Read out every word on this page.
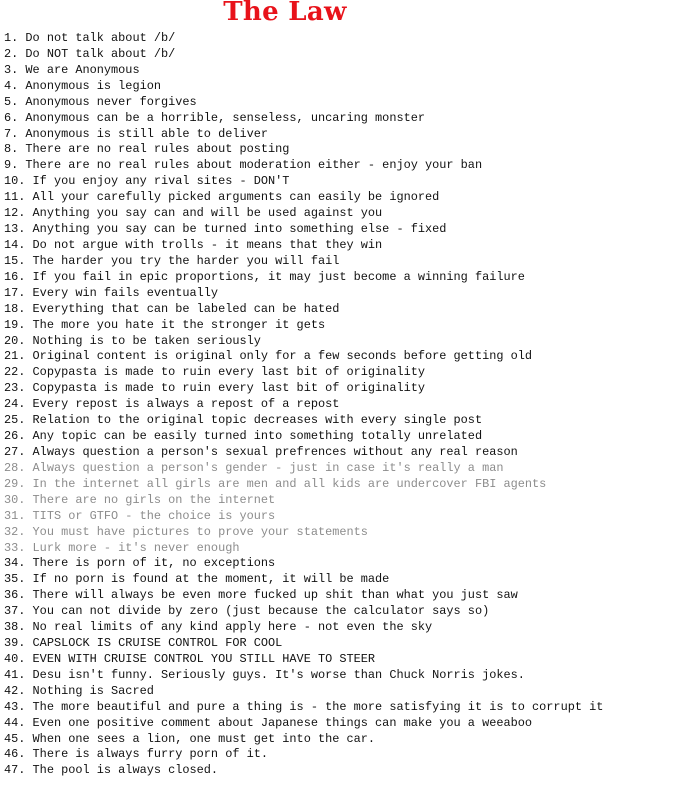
The Law
1. Do not talk about /b/
2. Do NOT talk about /b/
3. We are Anonymous
4. Anonymous is legion
5. Anonymous never forgives
6. Anonymous can be a horrible, senseless, uncaring monster
7. Anonymous is still able to deliver
8. There are no real rules about posting
9. There are no real rules about moderation either - enjoy your ban
10. If you enjoy any rival sites - DON'T
11. All your carefully picked arguments can easily be ignored
12. Anything you say can and will be used against you
13. Anything you say can be turned into something else - fixed
14. Do not argue with trolls - it means that they win
15. The harder you try the harder you will fail
16. If you fail in epic proportions, it may just become a winning failure
17. Every win fails eventually
18. Everything that can be labeled can be hated
19. The more you hate it the stronger it gets
20. Nothing is to be taken seriously
21. Original content is original only for a few seconds before getting old
22. Copypasta is made to ruin every last bit of originality
23. Copypasta is made to ruin every last bit of originality
24. Every repost is always a repost of a repost
25. Relation to the original topic decreases with every single post
26. Any topic can be easily turned into something totally unrelated
27. Always question a person's sexual prefrences without any real reason
28. Always question a person's gender - just in case it's really a man
29. In the internet all girls are men and all kids are undercover FBI agents
30. There are no girls on the internet
31. TITS or GTFO - the choice is yours
32. You must have pictures to prove your statements
33. Lurk more - it's never enough
34. There is porn of it, no exceptions
35. If no porn is found at the moment, it will be made
36. There will always be even more fucked up shit than what you just saw
37. You can not divide by zero (just because the calculator says so)
38. No real limits of any kind apply here - not even the sky
39. CAPSLOCK IS CRUISE CONTROL FOR COOL
40. EVEN WITH CRUISE CONTROL YOU STILL HAVE TO STEER
41. Desu isn't funny. Seriously guys. It's worse than Chuck Norris jokes.
42. Nothing is Sacred
43. The more beautiful and pure a thing is - the more satisfying it is to corrupt it
44. Even one positive comment about Japanese things can make you a weeaboo
45. When one sees a lion, one must get into the car.
46. There is always furry porn of it.
47. The pool is always closed.
